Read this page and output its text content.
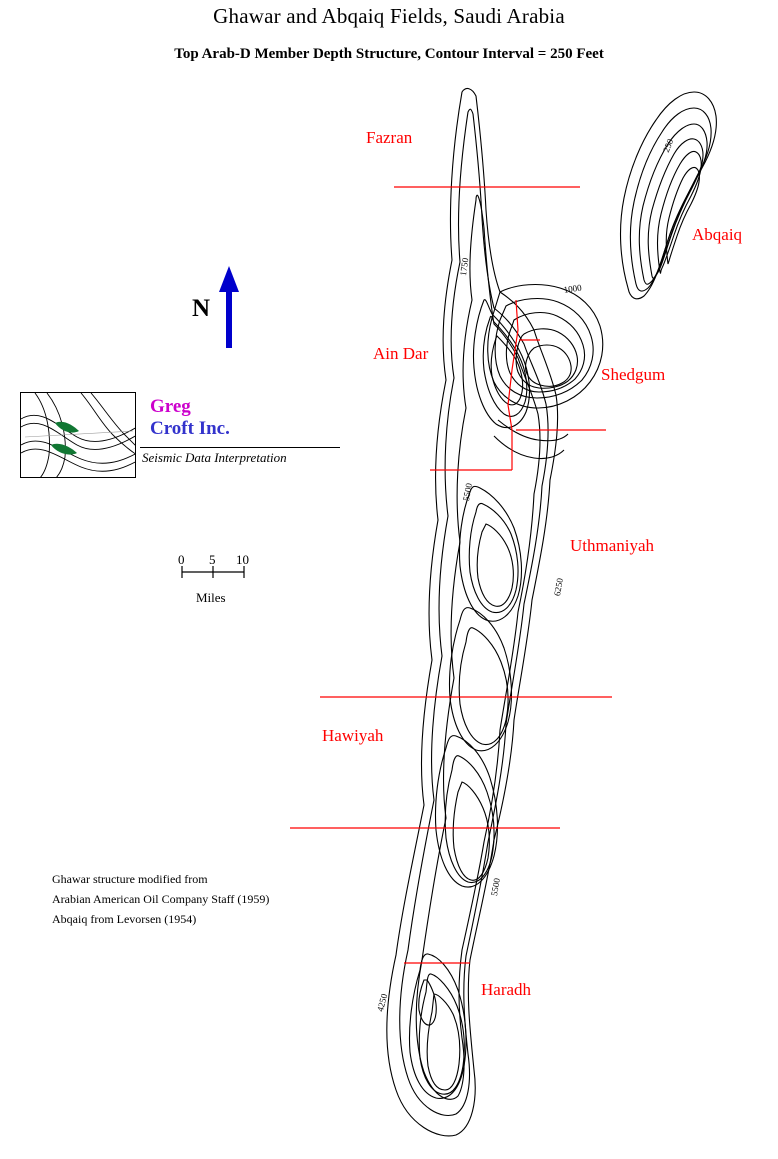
Ghawar and Abqaiq Fields, Saudi Arabia
Top Arab-D Member Depth Structure, Contour Interval = 250 Feet
N
Greg
Croft Inc.
Seismic Data Interpretation
0 5 10
Miles
Ghawar structure modified from
Arabian American Oil Company Staff (1959)
Abqaiq from Levorsen (1954)
Fazran
Abqaiq
Ain Dar
Shedgum
Uthmaniyah
Hawiyah
Haradh
250
1750
1000
5500
6250
5500
4250
